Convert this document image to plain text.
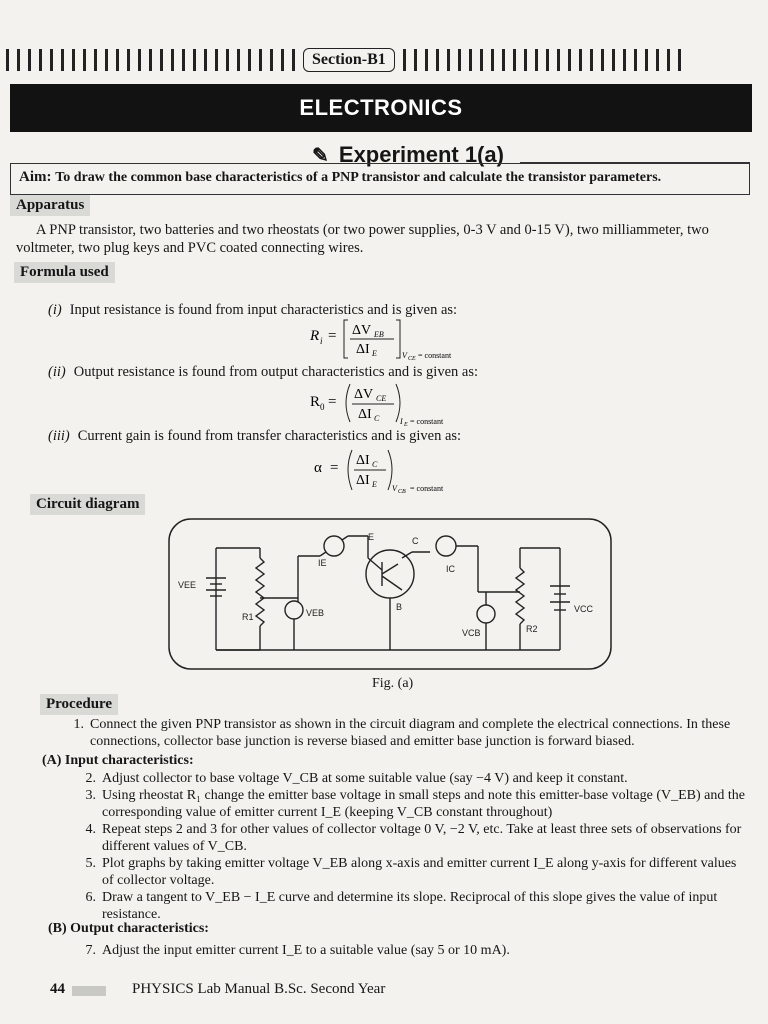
Section-B1
ELECTRONICS
✎ Experiment 1(a)
Aim: To draw the common base characteristics of a PNP transistor and calculate the transistor parameters.
Apparatus
A PNP transistor, two batteries and two rheostats (or two power supplies, 0-3 V and 0-15 V), two milliammeter, two voltmeter, two plug keys and PVC coated connecting wires.
Formula used
(i) Input resistance is found from input characteristics and is given as:
R i = ΔV EB
ΔI E	V CE = constant
(ii) Output resistance is found from output characteristics and is given as:
R 0 = ΔV CE
ΔI C	I E = constant
(iii) Current gain is found from transfer characteristics and is given as:
α = ΔI C
ΔI E V CB = constant
Circuit diagram
VEE
R1	VEB
IE
E	C
B
IC
VCB	R2
VCC
Fig. (a)
Procedure
1. Connect the given PNP transistor as shown in the circuit diagram and complete the electrical connections. In these connections, collector base junction is reverse biased and emitter base junction is forward biased.
(A) Input characteristics:
2. Adjust collector to base voltage V_CB at some suitable value (say −4 V) and keep it constant.
3. Using rheostat R₁ change the emitter base voltage in small steps and note this emitter-base voltage (V_EB) and the corresponding value of emitter current I_E (keeping V_CB constant throughout)
4. Repeat steps 2 and 3 for other values of collector voltage 0 V, −2 V, etc. Take at least three sets of observations for different values of V_CB.
5. Plot graphs by taking emitter voltage V_EB along x-axis and emitter current I_E along y-axis for different values of collector voltage.
6. Draw a tangent to V_EB − I_E curve and determine its slope. Reciprocal of this slope gives the value of input resistance.
(B) Output characteristics:
7. Adjust the input emitter current I_E to a suitable value (say 5 or 10 mA).
44	PHYSICS Lab Manual B.Sc. Second Year
